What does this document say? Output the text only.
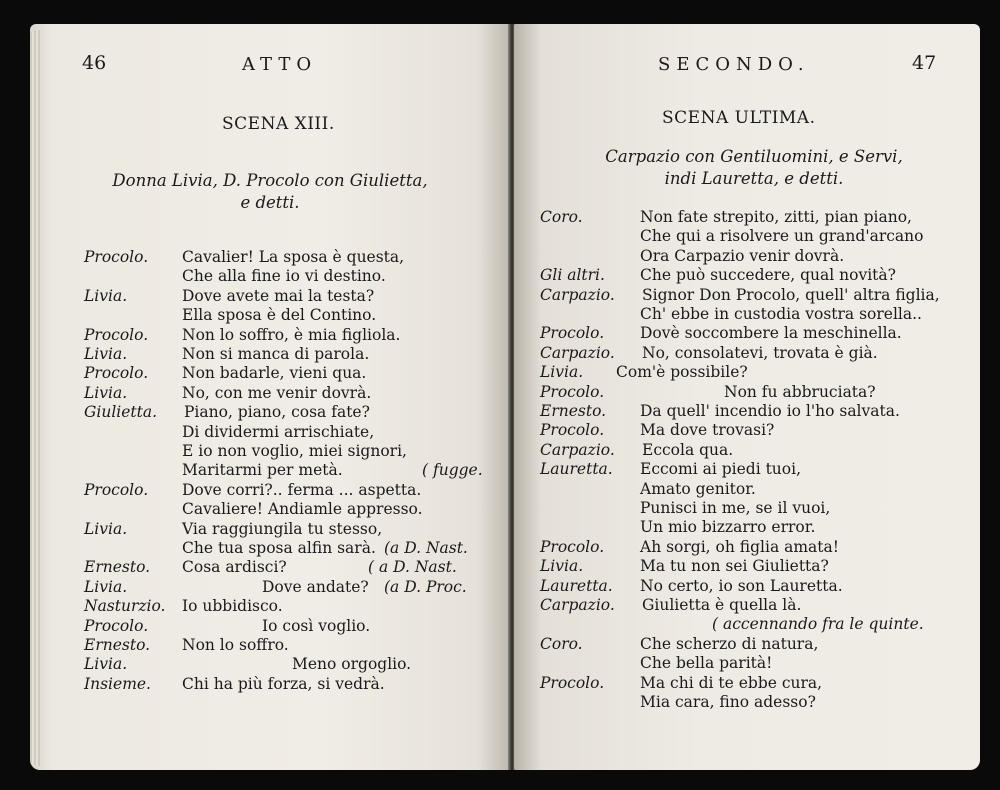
46	ATTO
SCENA XIII.
Donna Livia, D. Procolo con Giulietta,
e detti.
Procolo. Cavalier! La sposa è questa,
Che alla fine io vi destino.
Livia.	Dove avete mai la testa?
Ella sposa è del Contino.
Procolo. Non lo soffro, è mia figliola.
Livia.	Non si manca di parola.
Procolo. Non badarle, vieni qua.
Livia.	No, con me venir dovrà.
Giulietta. Piano, piano, cosa fate?
Di dividermi arrischiate,
E io non voglio, miei signori,
Maritarmi per metà.	( fugge.
Procolo. Dove corri?.. ferma ... aspetta.
Cavaliere! Andiamle appresso.
Livia.	Via raggiungila tu stesso,
Che tua sposa alfin sarà. (a D. Nast.
Ernesto. Cosa ardisci?	( a D. Nast.
Livia.	Dove andate? (a D. Proc.
Nasturzio. Io ubbidisco.
Procolo.	Io così voglio.
Ernesto. Non lo soffro.
Livia.	Meno orgoglio.
Insieme. Chi ha più forza, si vedrà.
SECONDO.	47
SCENA ULTIMA.
Carpazio con Gentiluomini, e Servi,
indi Lauretta, e detti.
Coro.	Non fate strepito, zitti, pian piano,
Che qui a risolvere un grand'arcano
Ora Carpazio venir dovrà.
Gli altri. Che può succedere, qual novità?
Carpazio. Signor Don Procolo, quell' altra figlia,
Ch' ebbe in custodia vostra sorella..
Procolo. Dovè soccombere la meschinella.
Carpazio. No, consolatevi, trovata è già.
Livia. Com'è possibile?
Procolo.	Non fu abbruciata?
Ernesto. Da quell' incendio io l'ho salvata.
Procolo. Ma dove trovasi?
Carpazio. Eccola qua.
Lauretta. Eccomi ai piedi tuoi,
Amato genitor.
Punisci in me, se il vuoi,
Un mio bizzarro error.
Procolo. Ah sorgi, oh figlia amata!
Livia.	Ma tu non sei Giulietta?
Lauretta. No certo, io son Lauretta.
Carpazio. Giulietta è quella là.
( accennando fra le quinte.
Coro.	Che scherzo di natura,
Che bella parità!
Procolo. Ma chi di te ebbe cura,
Mia cara, fino adesso?
